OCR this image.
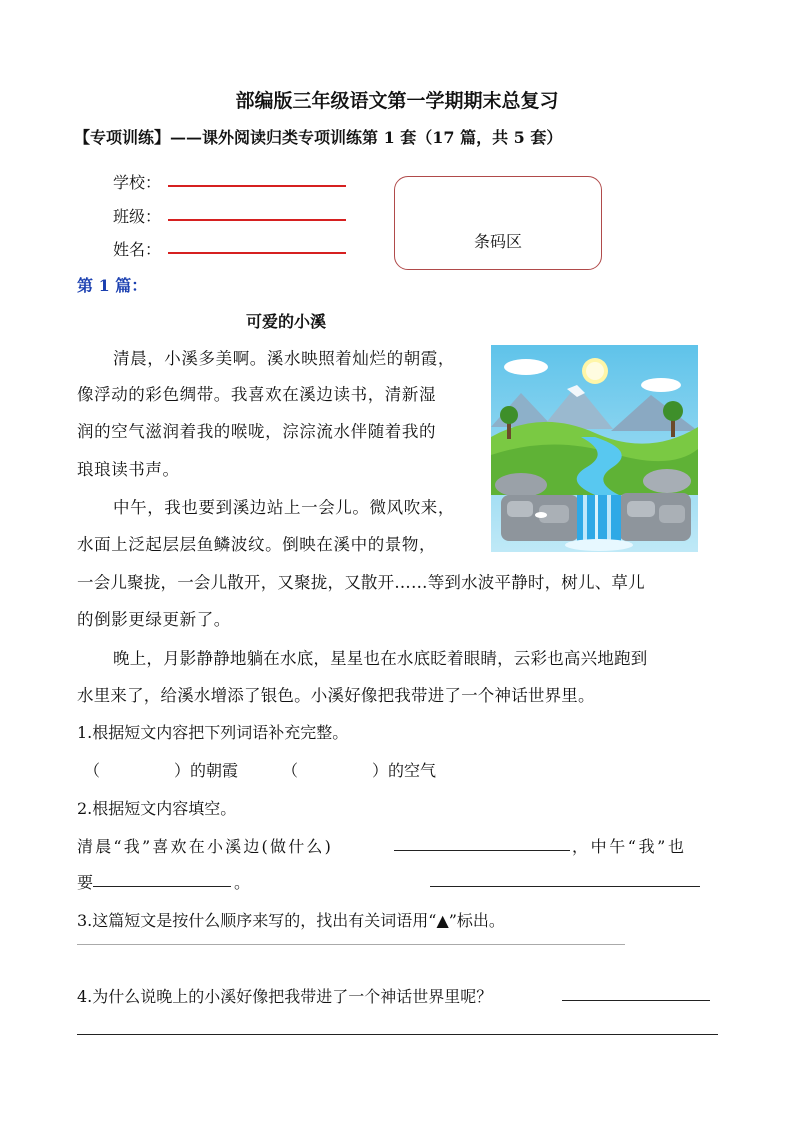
部编版三年级语文第一学期期末总复习
【专项训练】——课外阅读归类专项训练第 1 套（17 篇，共 5 套）
学校：
班级：
姓名：	条码区
第 1 篇：
可爱的小溪
清晨，小溪多美啊。溪水映照着灿烂的朝霞，
像浮动的彩色绸带。我喜欢在溪边读书，清新湿
润的空气滋润着我的喉咙，淙淙流水伴随着我的
琅琅读书声。
中午，我也要到溪边站上一会儿。微风吹来，
水面上泛起层层鱼鳞波纹。倒映在溪中的景物，
一会儿聚拢，一会儿散开，又聚拢，又散开……等到水波平静时，树儿、草儿
的倒影更绿更新了。
晚上，月影静静地躺在水底，星星也在水底眨着眼睛，云彩也高兴地跑到
水里来了，给溪水增添了银色。小溪好像把我带进了一个神话世界里。
1.根据短文内容把下列词语补充完整。
（	）的朝霞	（	）的空气
2.根据短文内容填空。
清晨“我”喜欢在小溪边(做什么)	，中午“我”也
要	。
3.这篇短文是按什么顺序来写的，找出有关词语用“▲”标出。
4.为什么说晚上的小溪好像把我带进了一个神话世界里呢？
